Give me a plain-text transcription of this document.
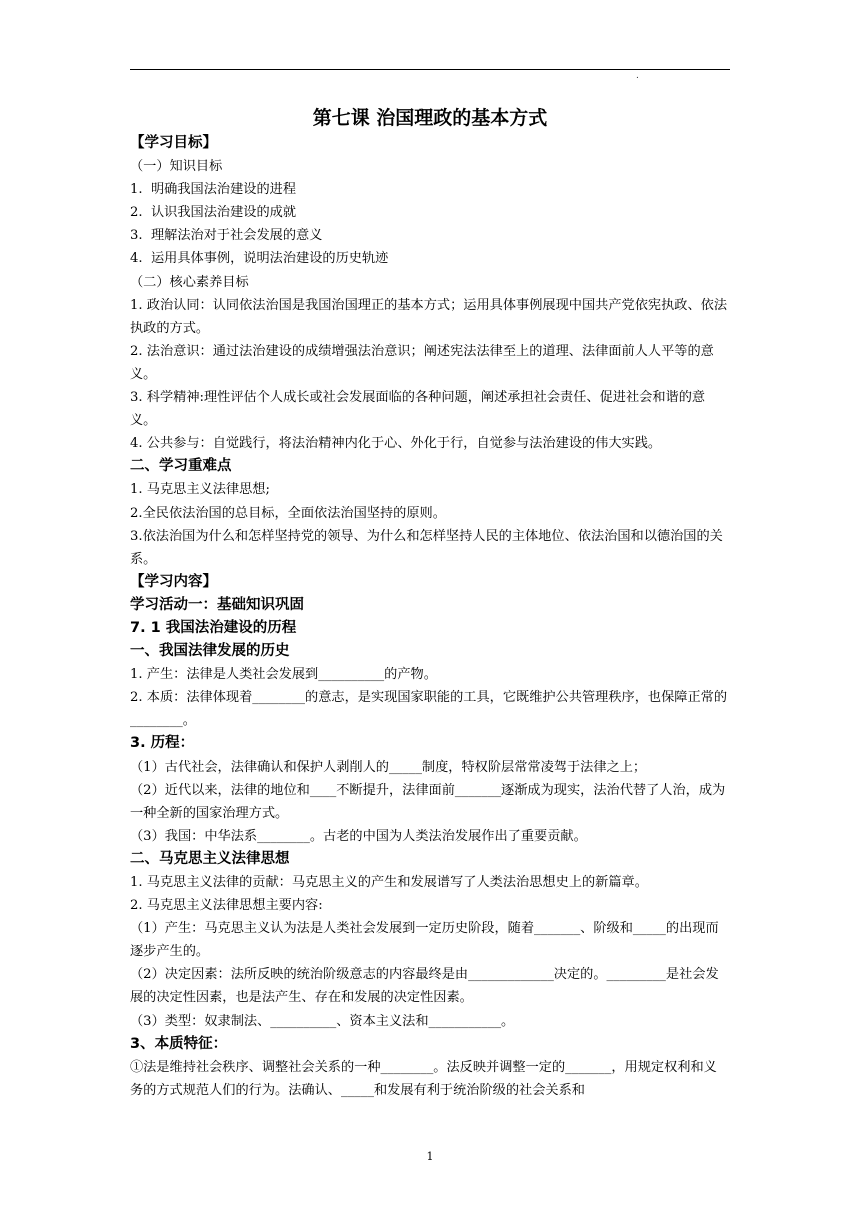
.
第七课 治国理政的基本方式
【学习目标】
（一）知识目标
1.  明确我国法治建设的进程
2.  认识我国法治建设的成就
3.  理解法治对于社会发展的意义
4.  运用具体事例，说明法治建设的历史轨迹
（二）核心素养目标
1. 政治认同：认同依法治国是我国治国理正的基本方式；运用具体事例展现中国共产党依宪执政、依法执政的方式。
2. 法治意识：通过法治建设的成绩增强法治意识；阐述宪法法律至上的道理、法律面前人人平等的意义。
3. 科学精神:理性评估个人成长或社会发展面临的各种问题，阐述承担社会责任、促进社会和谐的意义。
4. 公共参与：自觉践行，将法治精神内化于心、外化于行，自觉参与法治建设的伟大实践。
二、学习重难点
1. 马克思主义法律思想;
2.全民依法治国的总目标，全面依法治国坚持的原则。
3.依法治国为什么和怎样坚持党的领导、为什么和怎样坚持人民的主体地位、依法治国和以德治国的关系。
【学习内容】
学习活动一：基础知识巩固
7. 1 我国法治建设的历程
一、我国法律发展的历史
1. 产生：法律是人类社会发展到__________的产物。
2. 本质：法律体现着________的意志，是实现国家职能的工具，它既维护公共管理秩序，也保障正常的________。
3. 历程：
（1）古代社会，法律确认和保护人剥削人的_____制度，特权阶层常常凌驾于法律之上；
（2）近代以来，法律的地位和____不断提升，法律面前_______逐渐成为现实，法治代替了人治，成为一种全新的国家治理方式。
（3）我国：中华法系________。古老的中国为人类法治发展作出了重要贡献。
二、马克思主义法律思想
1. 马克思主义法律的贡献：马克思主义的产生和发展谱写了人类法治思想史上的新篇章。
2. 马克思主义法律思想主要内容:
（1）产生：马克思主义认为法是人类社会发展到一定历史阶段，随着_______、阶级和_____的出现而逐步产生的。
（2）决定因素：法所反映的统治阶级意志的内容最终是由_____________决定的。_________是社会发展的决定性因素，也是法产生、存在和发展的决定性因素。
（3）类型：奴隶制法、__________、资本主义法和___________。
3、本质特征：
①法是维持社会秩序、调整社会关系的一种________。法反映并调整一定的_______，用规定权利和义务的方式规范人们的行为。法确认、_____和发展有利于统治阶级的社会关系和
1
